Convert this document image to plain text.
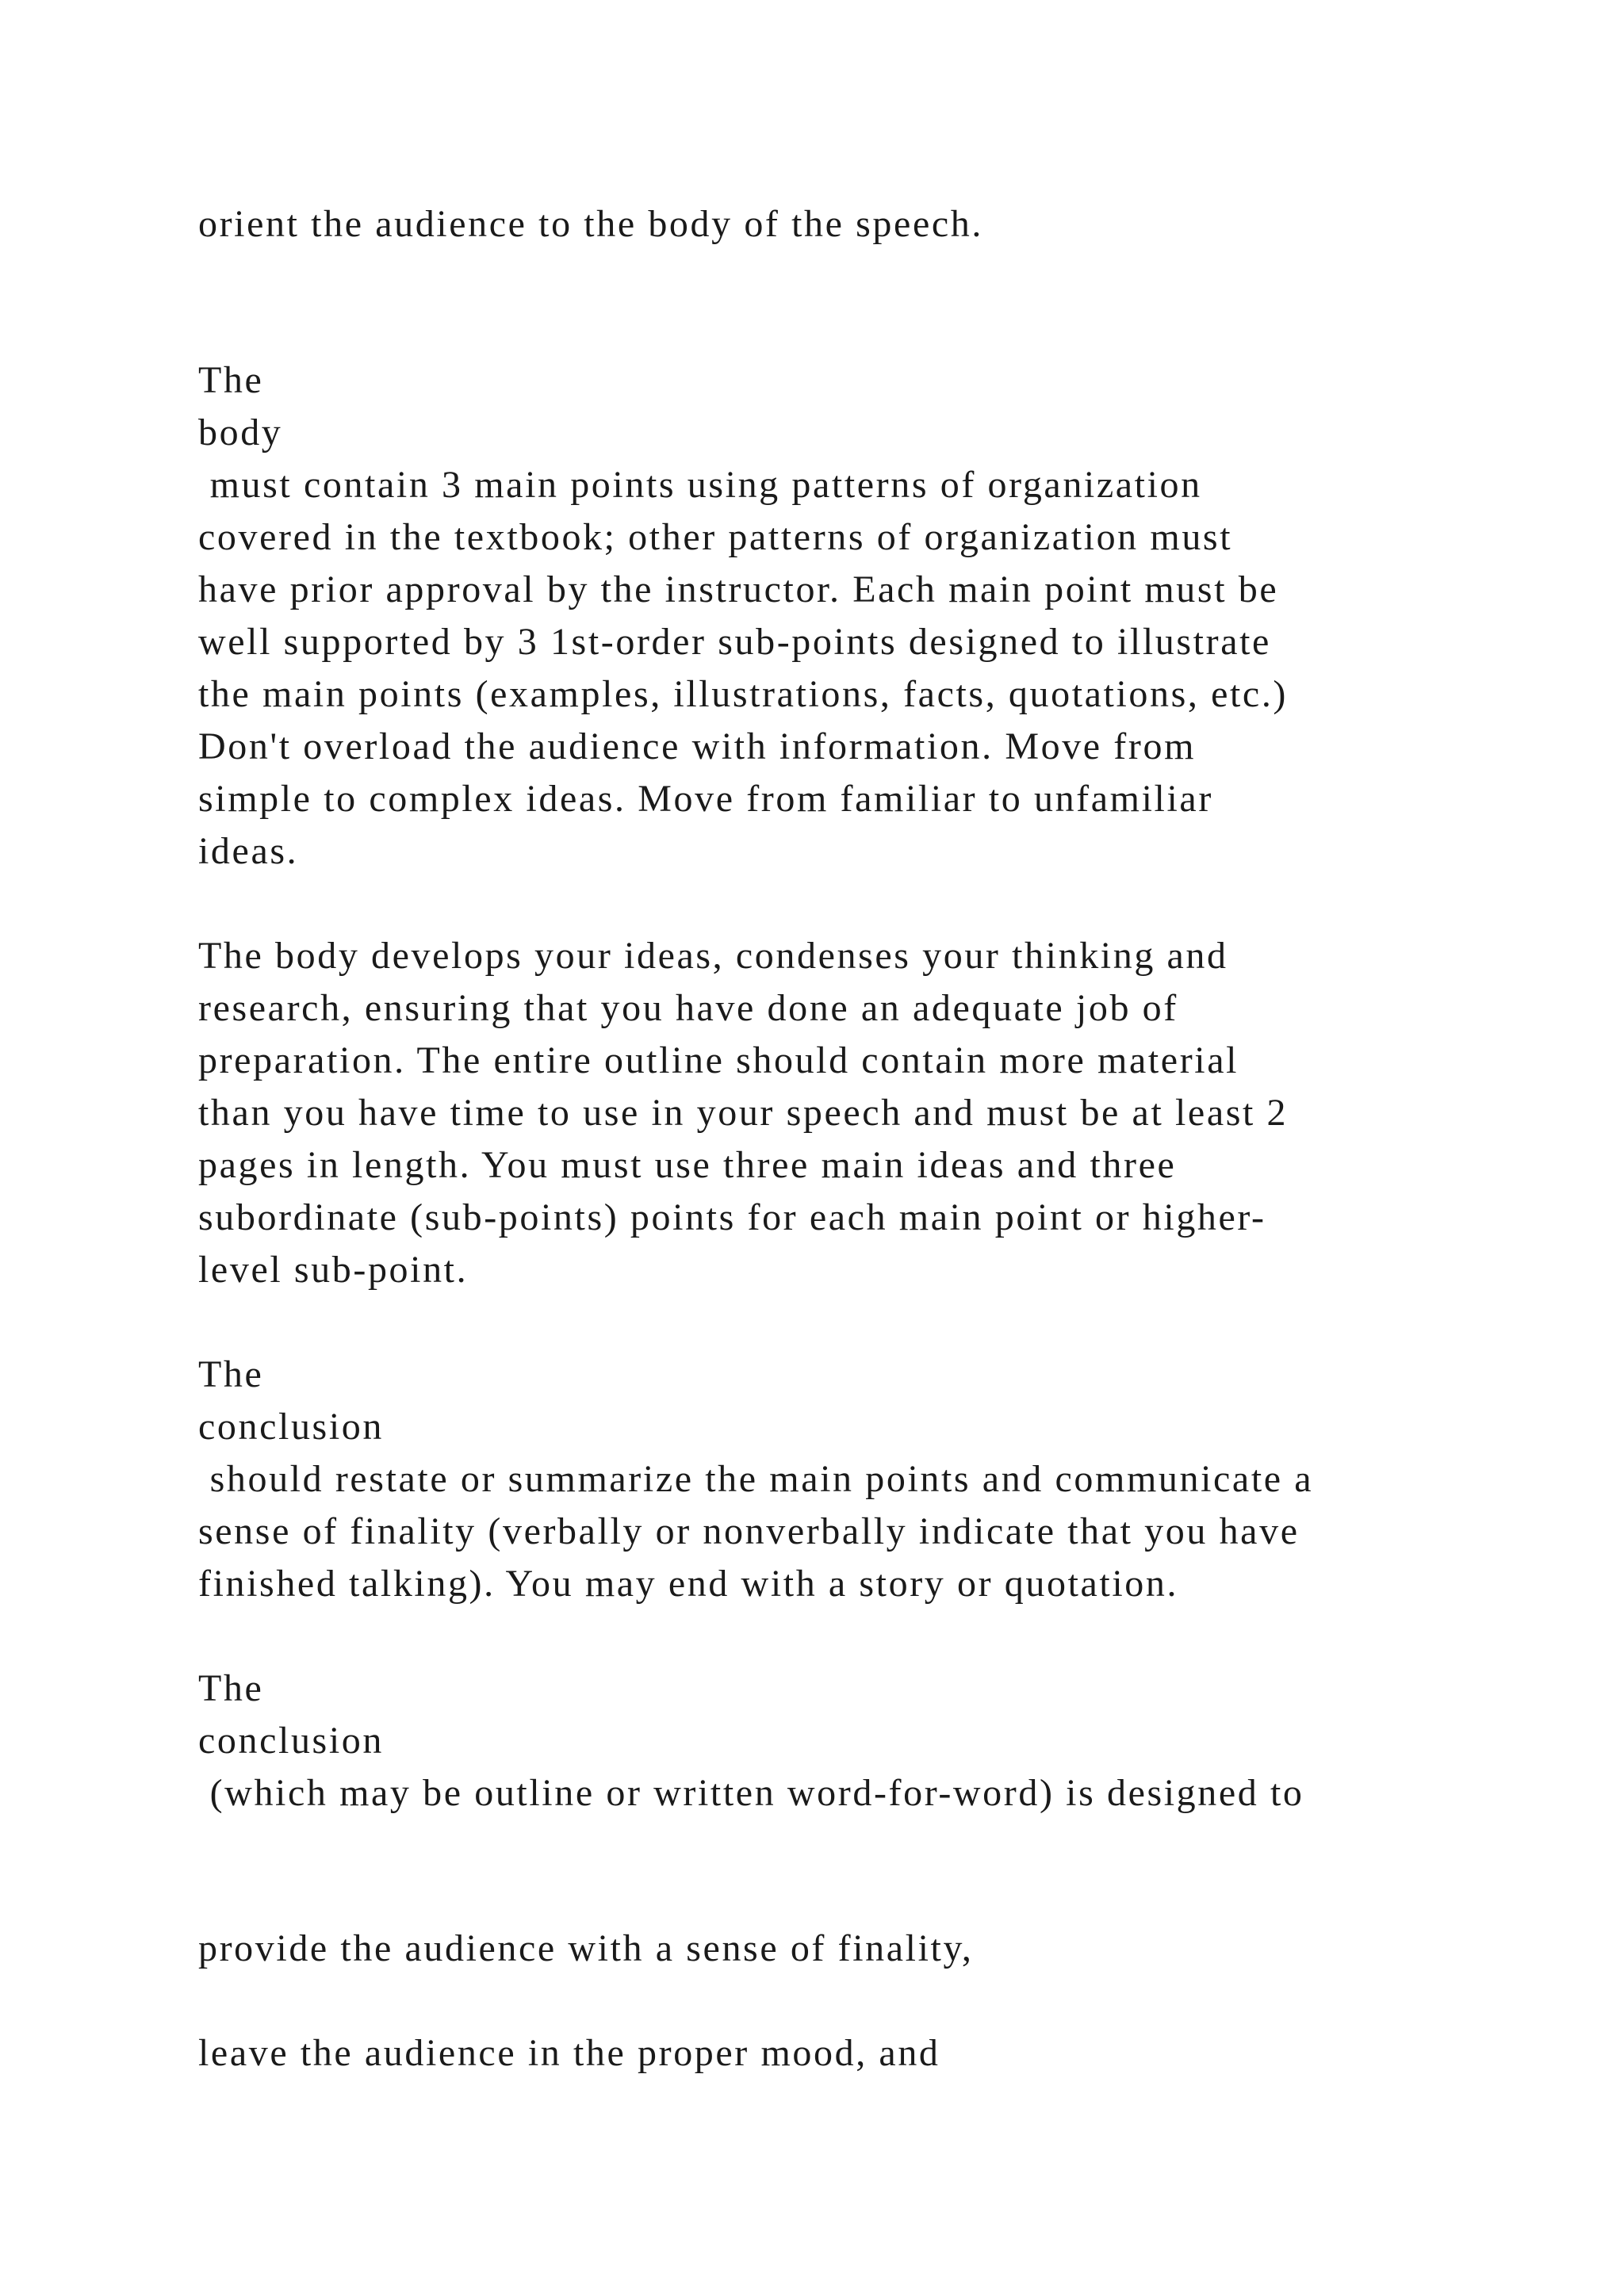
orient the audience to the body of the speech.

The

body

must contain 3 main points using patterns of organization

covered in the textbook; other patterns of organization must

have prior approval by the instructor. Each main point must be

well supported by 3 1st-order sub-points designed to illustrate

the main points (examples, illustrations, facts, quotations, etc.)

Don't overload the audience with information. Move from

simple to complex ideas. Move from familiar to unfamiliar

ideas.

The body develops your ideas, condenses your thinking and

research, ensuring that you have done an adequate job of

preparation. The entire outline should contain more material

than you have time to use in your speech and must be at least 2

pages in length. You must use three main ideas and three

subordinate (sub-points) points for each main point or higher-

level sub-point.

The

conclusion

should restate or summarize the main points and communicate a

sense of finality (verbally or nonverbally indicate that you have

finished talking). You may end with a story or quotation.

The

conclusion

(which may be outline or written word-for-word) is designed to

provide the audience with a sense of finality,

leave the audience in the proper mood, and
